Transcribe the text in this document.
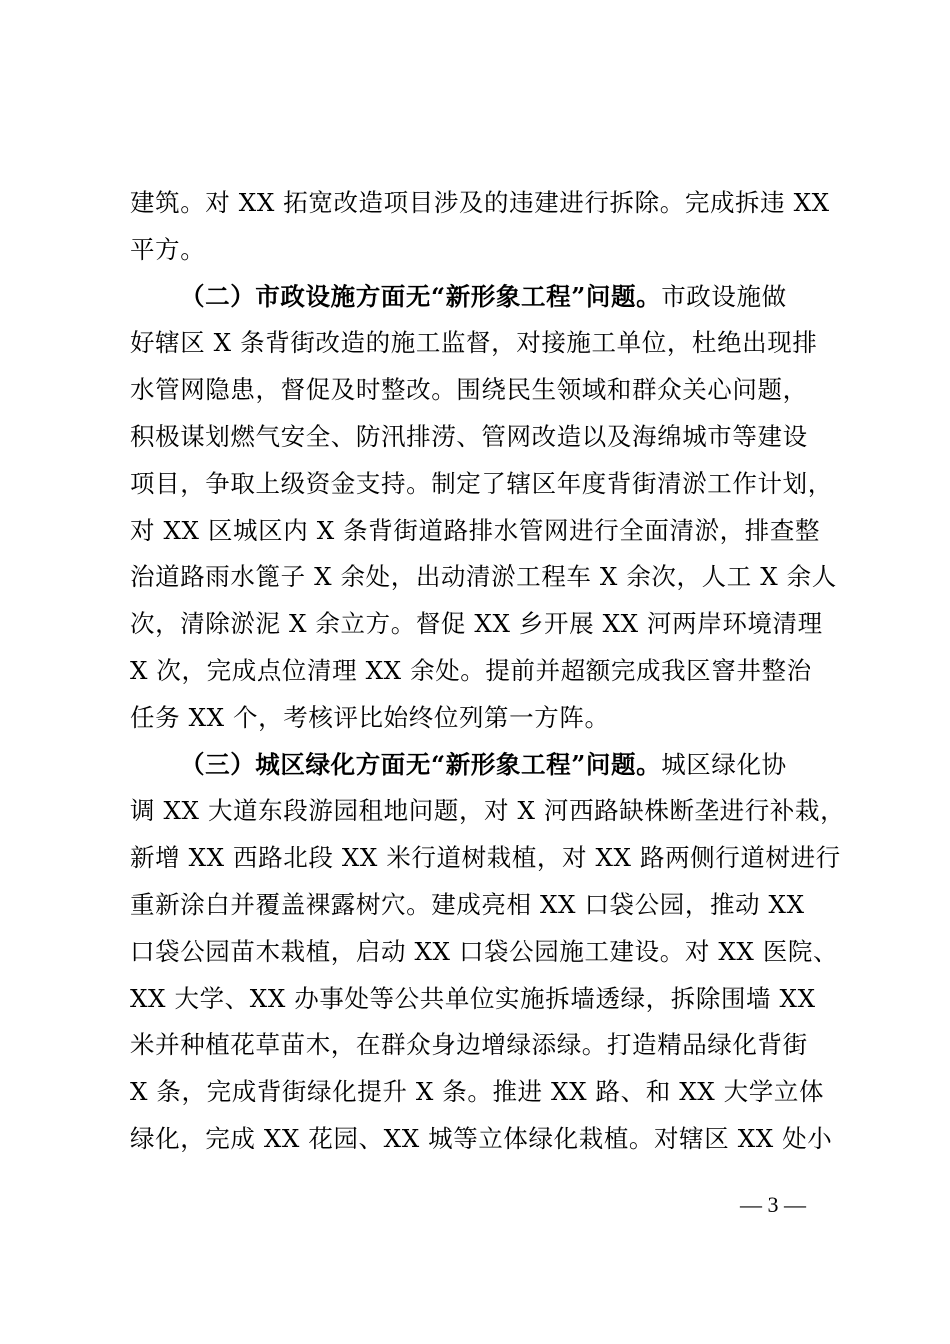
建筑。对 XX 拓宽改造项目涉及的违建进行拆除。完成拆违 XX
平方。
（二）市政设施方面无“新形象工程”问题。市政设施做
好辖区 X 条背街改造的施工监督，对接施工单位，杜绝出现排
水管网隐患，督促及时整改。围绕民生领域和群众关心问题，
积极谋划燃气安全、防汛排涝、管网改造以及海绵城市等建设
项目，争取上级资金支持。制定了辖区年度背街清淤工作计划，
对 XX 区城区内 X 条背街道路排水管网进行全面清淤，排查整
治道路雨水篦子 X 余处，出动清淤工程车 X 余次，人工 X 余人
次，清除淤泥 X 余立方。督促 XX 乡开展 XX 河两岸环境清理
X 次，完成点位清理 XX 余处。提前并超额完成我区窨井整治
任务 XX 个，考核评比始终位列第一方阵。
（三）城区绿化方面无“新形象工程”问题。城区绿化协
调 XX 大道东段游园租地问题，对 X 河西路缺株断垄进行补栽，
新增 XX 西路北段 XX 米行道树栽植，对 XX 路两侧行道树进行
重新涂白并覆盖裸露树穴。建成亮相 XX 口袋公园，推动 XX
口袋公园苗木栽植，启动 XX 口袋公园施工建设。对 XX 医院、
XX 大学、XX 办事处等公共单位实施拆墙透绿，拆除围墙 XX
米并种植花草苗木，在群众身边增绿添绿。打造精品绿化背街
X 条，完成背街绿化提升 X 条。推进 XX 路、和 XX 大学立体
绿化，完成 XX 花园、XX 城等立体绿化栽植。对辖区 XX 处小
— 3 —
